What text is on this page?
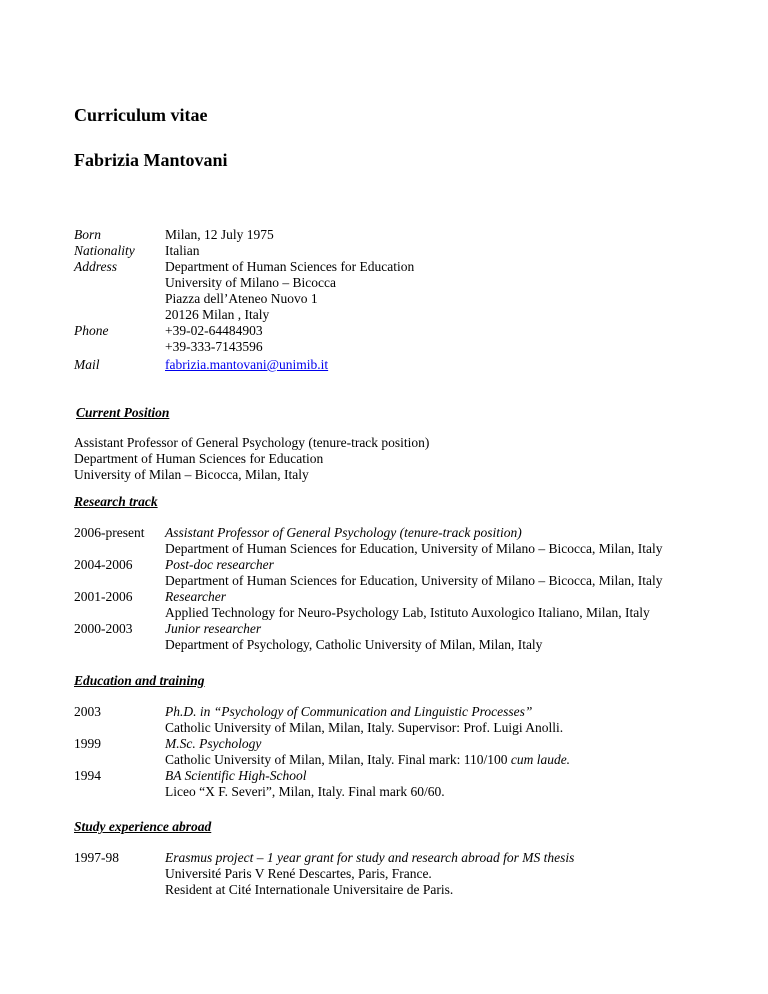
Curriculum vitae
Fabrizia Mantovani
Born	Milan, 12 July 1975
Nationality	Italian
Address	Department of Human Sciences for Education
University of Milano – Bicocca
Piazza dell’Ateneo Nuovo 1
20126 Milan , Italy
Phone	+39-02-64484903
+39-333-7143596
Mail	fabrizia.mantovani@unimib.it
Current Position
Assistant Professor of General Psychology (tenure-track position)
Department of Human Sciences for Education
University of Milan – Bicocca, Milan, Italy
Research track
2006-present	Assistant Professor of General Psychology (tenure-track position)
Department of Human Sciences for Education, University of Milano – Bicocca, Milan, Italy
2004-2006	Post-doc researcher
Department of Human Sciences for Education, University of Milano – Bicocca, Milan, Italy
2001-2006	Researcher
Applied Technology for Neuro-Psychology Lab, Istituto Auxologico Italiano, Milan, Italy
2000-2003	Junior researcher
Department of Psychology, Catholic University of Milan, Milan, Italy
Education and training
2003	Ph.D. in “Psychology of Communication and Linguistic Processes”
Catholic University of Milan, Milan, Italy. Supervisor: Prof. Luigi Anolli.
1999	M.Sc. Psychology
Catholic University of Milan, Milan, Italy. Final mark: 110/100 cum laude.
1994	BA Scientific High-School
Liceo “X F. Severi”, Milan, Italy. Final mark 60/60.
Study experience abroad
1997-98	Erasmus project – 1 year grant for study and research abroad for MS thesis
Université Paris V René Descartes, Paris, France.
Resident at Cité Internationale Universitaire de Paris.
